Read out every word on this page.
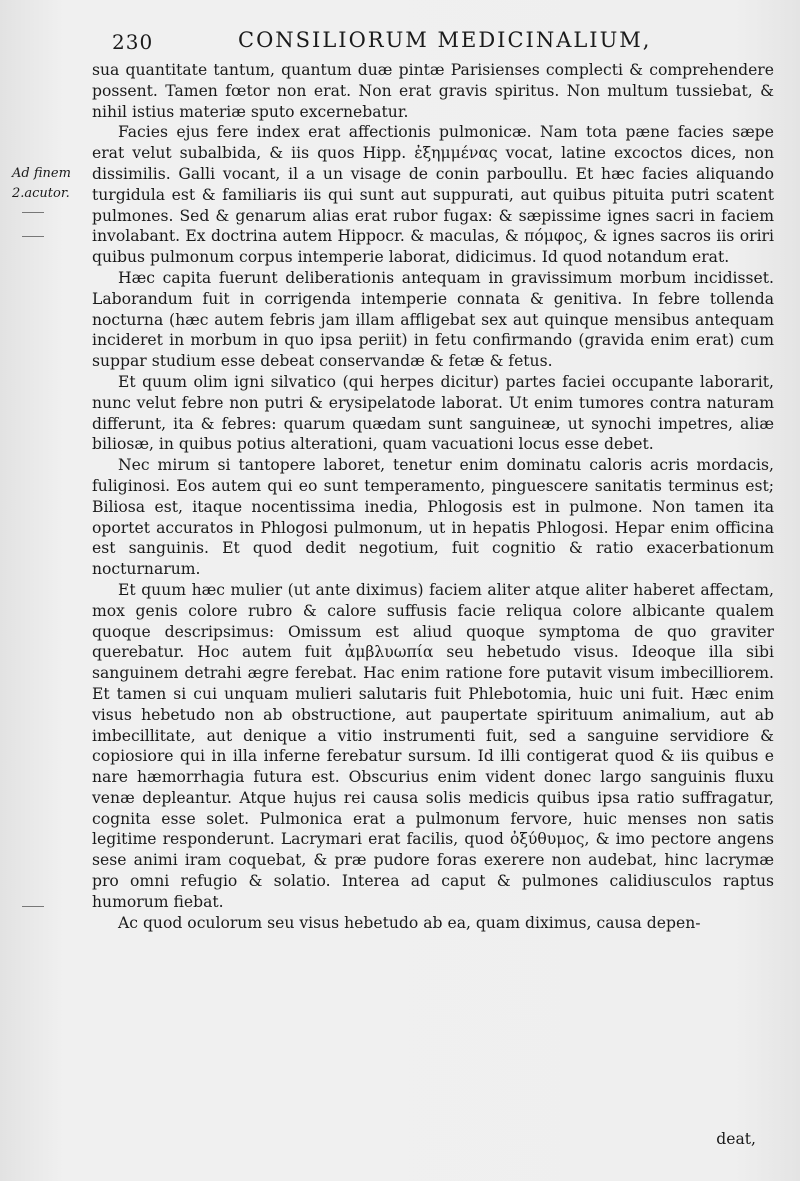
230	CONSILIORUM MEDICINALIUM,
Ad finem
2.acutor.

sua quantitate tantum, quantum duæ pintæ Parisienses complecti & comprehendere possent. Tamen fœtor non erat. Non erat gravis spiritus. Non multum tussiebat, & nihil istius materiæ sputo excernebatur.

Facies ejus fere index erat affectionis pulmonicæ. Nam tota pæne facies sæpe erat velut subalbida, & iis quos Hipp. ἐξημμένας vocat, latine excoctos dices, non dissimilis. Galli vocant, il a un visage de conin parboullu. Et hæc facies aliquando turgidula est & familiaris iis qui sunt aut suppurati, aut quibus pituita putri scatent pulmones. Sed & genarum alias erat rubor fugax: & sæpissime ignes sacri in faciem involabant. Ex doctrina autem Hippocr. & maculas, & πόμφος, & ignes sacros iis oriri quibus pulmonum corpus intemperie laborat, didicimus. Id quod notandum erat.

Hæc capita fuerunt deliberationis antequam in gravissimum morbum incidisset. Laborandum fuit in corrigenda intemperie connata & genitiva. In febre tollenda nocturna (hæc autem febris jam illam affligebat sex aut quinque mensibus antequam incideret in morbum in quo ipsa periit) in fetu confirmando (gravida enim erat) cum suppar studium esse debeat conservandæ & fetæ & fetus.

Et quum olim igni silvatico (qui herpes dicitur) partes faciei occupante laborarit, nunc velut febre non putri & erysipelatode laborat. Ut enim tumores contra naturam differunt, ita & febres: quarum quædam sunt sanguineæ, ut synochi impetres, aliæ biliosæ, in quibus potius alterationi, quam vacuationi locus esse debet.

Nec mirum si tantopere laboret, tenetur enim dominatu caloris acris mordacis, fuliginosi. Eos autem qui eo sunt temperamento, pinguescere sanitatis terminus est; Biliosa est, itaque nocentissima inedia, Phlogosis est in pulmone. Non tamen ita oportet accuratos in Phlogosi pulmonum, ut in hepatis Phlogosi. Hepar enim officina est sanguinis. Et quod dedit negotium, fuit cognitio & ratio exacerbationum nocturnarum.

Et quum hæc mulier (ut ante diximus) faciem aliter atque aliter haberet affectam, mox genis colore rubro & calore suffusis facie reliqua colore albicante qualem quoque descripsimus: Omissum est aliud quoque symptoma de quo graviter querebatur. Hoc autem fuit ἀμβλυωπία seu hebetudo visus. Ideoque illa sibi sanguinem detrahi ægre ferebat. Hac enim ratione fore putavit visum imbecilliorem. Et tamen si cui unquam mulieri salutaris fuit Phlebotomia, huic uni fuit. Hæc enim visus hebetudo non ab obstructione, aut paupertate spirituum animalium, aut ab imbecillitate, aut denique a vitio instrumenti fuit, sed a sanguine servidiore & copiosiore qui in illa inferne ferebatur sursum. Id illi contigerat quod & iis quibus e nare hæmorrhagia futura est. Obscurius enim vident donec largo sanguinis fluxu venæ depleantur. Atque hujus rei causa solis medicis quibus ipsa ratio suffragatur, cognita esse solet. Pulmonica erat a pulmonum fervore, huic menses non satis legitime responderunt. Lacrymari erat facilis, quod ὀξύθυμος, & imo pectore angens sese animi iram coquebat, & præ pudore foras exerere non audebat, hinc lacrymæ pro omni refugio & solatio. Interea ad caput & pulmones calidiusculos raptus humorum fiebat.

Ac quod oculorum seu visus hebetudo ab ea, quam diximus, causa depen-

deat,
